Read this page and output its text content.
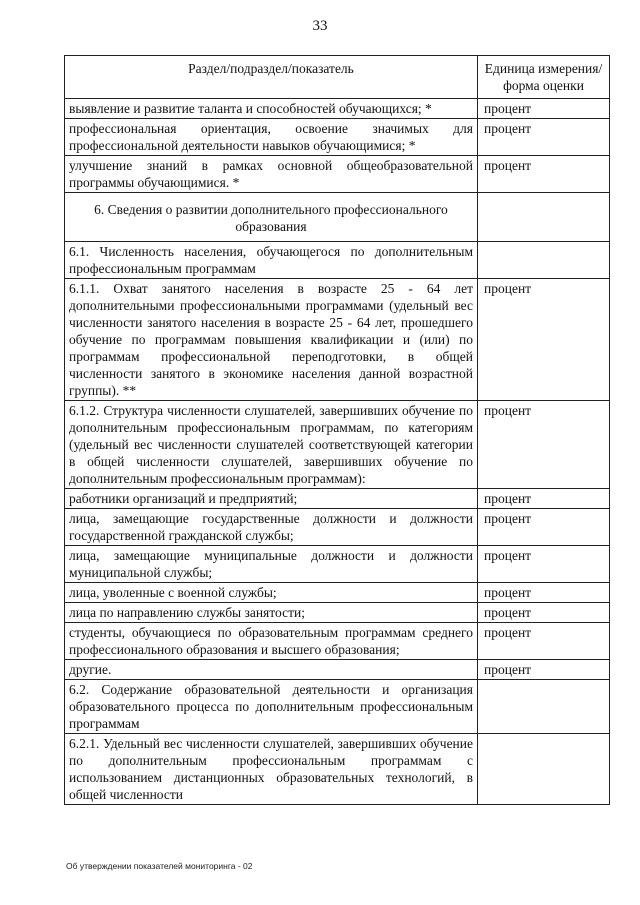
33
Раздел/подраздел/показатель	Единица измерения/ форма оценки
выявление и развитие таланта и способностей обучающихся; *	процент
профессиональная ориентация, освоение значимых для профессиональной деятельности навыков обучающимися; *	процент
улучшение знаний в рамках основной общеобразовательной программы обучающимися. *	процент
6. Сведения о развитии дополнительного профессионального образования	
6.1. Численность населения, обучающегося по дополнительным профессиональным программам	
6.1.1. Охват занятого населения в возрасте 25 - 64 лет дополнительными профессиональными программами (удельный вес численности занятого населения в возрасте 25 - 64 лет, прошедшего обучение по программам повышения квалификации и (или) по программам профессиональной переподготовки, в общей численности занятого в экономике населения данной возрастной группы). **	процент
6.1.2. Структура численности слушателей, завершивших обучение по дополнительным профессиональным программам, по категориям (удельный вес численности слушателей соответствующей категории в общей численности слушателей, завершивших обучение по дополнительным профессиональным программам):	процент
работники организаций и предприятий;	процент
лица, замещающие государственные должности и должности государственной гражданской службы;	процент
лица, замещающие муниципальные должности и должности муниципальной службы;	процент
лица, уволенные с военной службы;	процент
лица по направлению службы занятости;	процент
студенты, обучающиеся по образовательным программам среднего профессионального образования и высшего образования;	процент
другие.	процент
6.2. Содержание образовательной деятельности и организация образовательного процесса по дополнительным профессиональным программам	
6.2.1. Удельный вес численности слушателей, завершивших обучение по дополнительным профессиональным программам с использованием дистанционных образовательных технологий, в общей численности	
Об утверждении показателей мониторинга - 02
